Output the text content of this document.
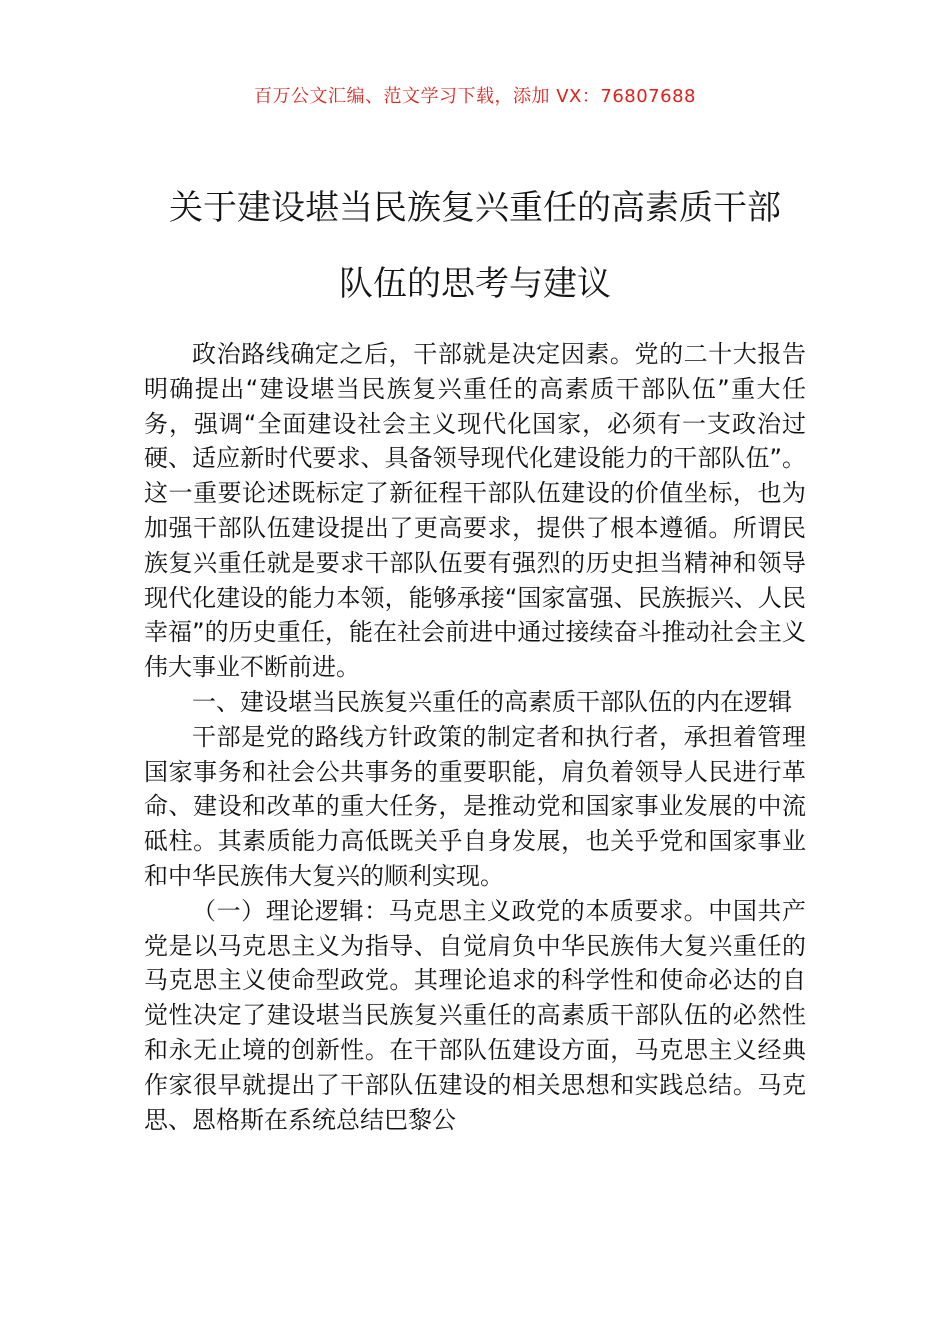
百万公文汇编、范文学习下载，添加 VX：76807688
关于建设堪当民族复兴重任的高素质干部
队伍的思考与建议

政治路线确定之后，干部就是决定因素。党的二十大报告明确提出“建设堪当民族复兴重任的高素质干部队伍”重大任务，强调“全面建设社会主义现代化国家，必须有一支政治过硬、适应新时代要求、具备领导现代化建设能力的干部队伍”。这一重要论述既标定了新征程干部队伍建设的价值坐标，也为加强干部队伍建设提出了更高要求，提供了根本遵循。所谓民族复兴重任就是要求干部队伍要有强烈的历史担当精神和领导现代化建设的能力本领，能够承接“国家富强、民族振兴、人民幸福”的历史重任，能在社会前进中通过接续奋斗推动社会主义伟大事业不断前进。

一、建设堪当民族复兴重任的高素质干部队伍的内在逻辑

干部是党的路线方针政策的制定者和执行者，承担着管理国家事务和社会公共事务的重要职能，肩负着领导人民进行革命、建设和改革的重大任务，是推动党和国家事业发展的中流砥柱。其素质能力高低既关乎自身发展，也关乎党和国家事业和中华民族伟大复兴的顺利实现。

（一）理论逻辑：马克思主义政党的本质要求。中国共产党是以马克思主义为指导、自觉肩负中华民族伟大复兴重任的马克思主义使命型政党。其理论追求的科学性和使命必达的自觉性决定了建设堪当民族复兴重任的高素质干部队伍的必然性和永无止境的创新性。在干部队伍建设方面，马克思主义经典作家很早就提出了干部队伍建设的相关思想和实践总结。马克思、恩格斯在系统总结巴黎公
